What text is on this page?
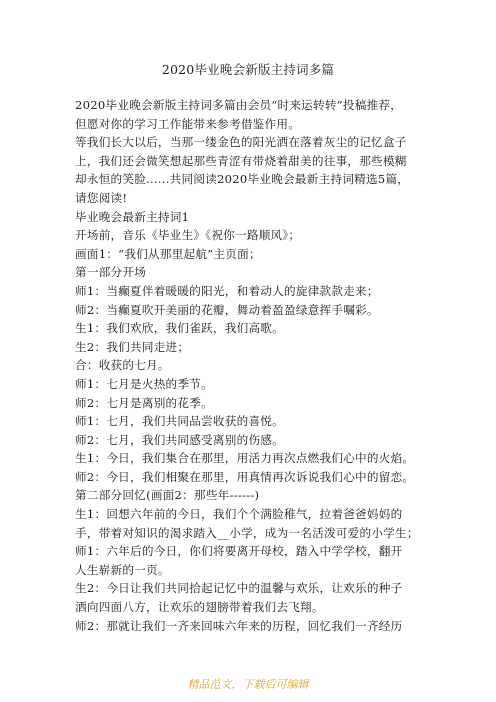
2020毕业晚会新版主持词多篇

2020毕业晚会新版主持词多篇由会员“时来运转转”投稿推荐，

但愿对你的学习工作能带来参考借鉴作用。

等我们长大以后，当那一缕金色的阳光洒在落着灰尘的记忆盒子

上，我们还会微笑想起那些青涩有带烧着甜美的往事，那些模糊

却永恒的笑脸......共同阅读2020毕业晚会最新主持词精选5篇，

请您阅读!

毕业晚会最新主持词1

开场前，音乐《毕业生》《祝你一路顺风》；

画面1：“我们从那里起航”主页面；

第一部分开场

师1：当癫夏伴着暖暖的阳光，和着动人的旋律款款走来；

师2：当癫夏吹开美丽的花瓣，舞动着盈盈绿意挥手嘱彩。

生1：我们欢欣，我们雀跃，我们高歌。

生2：我们共同走进；

合：收获的七月。

师1：七月是火热的季节。

师2：七月是离别的花季。

师1：七月，我们共同品尝收获的喜悦。

师2：七月，我们共同感受离别的伤感。

生1：今日，我们集合在那里，用活力再次点燃我们心中的火焰。

师2：今日，我们相聚在那里，用真情再次诉说我们心中的留恋。

第二部分回忆(画面2：那些年------)

生1：回想六年前的今日，我们个个满脸稚气，拉着爸爸妈妈的

手，带着对知识的渴求踏入__小学，成为一名活泼可爱的小学生；

师1：六年后的今日，你们将要离开母校，踏入中学学校，翻开

人生崭新的一页。

生2：今日让我们共同拾起记忆中的温馨与欢乐，让欢乐的种子

洒向四面八方，让欢乐的翅膀带着我们去飞翔。

师2：那就让我们一齐来回味六年来的历程，回忆我们一齐经历

精品范文，下载后可编辑
